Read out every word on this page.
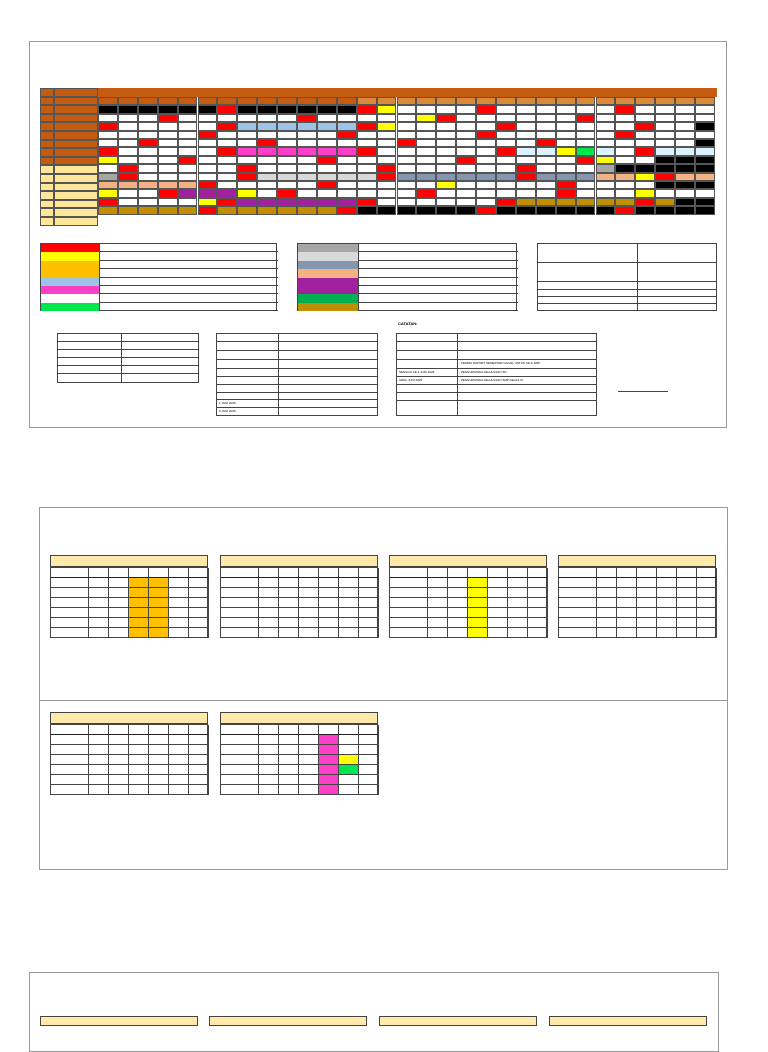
1 JUNI 2025
6 JUNI 2025
CATATAN:
- TERIMA RAPORT SEMESTER GANJIL UNTUK SD & SMP
SENGGU KE 2 JUNI 2025	- PENGUMUMAN KELULUSAN SD
AWAL JUNI 2025	- PENGUMUMAN KELULUSAN SMP KELAS IX
